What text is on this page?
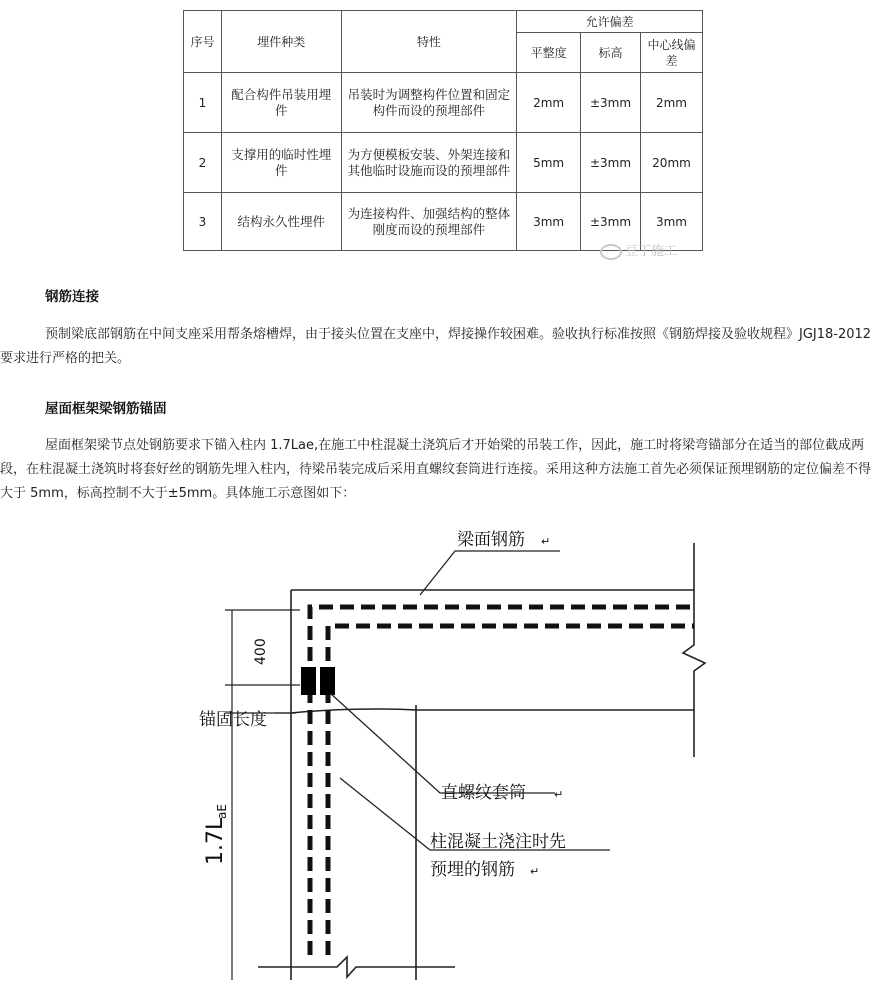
序号	埋件种类	特性	允许偏差		
			平整度	标高	中心线偏差
1	配合构件吊装用埋件	吊装时为调整构件位置和固定构件而设的预埋部件	2mm	±3mm	2mm
2	支撑用的临时性埋件	为方便模板安装、外架连接和其他临时设施而设的预埋部件	5mm	±3mm	20mm
3	结构永久性埋件	为连接构件、加强结构的整体刚度而设的预埋部件	3mm	±3mm	3mm
豆丁施工
钢筋连接

预制梁底部钢筋在中间支座采用帮条熔槽焊，由于接头位置在支座中，焊接操作较困难。验收执行标准按照《钢筋焊接及验收规程》JGJ18-2012 要求进行严格的把关。

屋面框架梁钢筋锚固

屋面框架梁节点处钢筋要求下锚入柱内 1.7Lae,在施工中柱混凝土浇筑后才开始梁的吊装工作，因此，施工时将梁弯锚部分在适当的部位截成两段，在柱混凝土浇筑时将套好丝的钢筋先埋入柱内，待梁吊装完成后采用直螺纹套筒进行连接。采用这种方法施工首先必须保证预埋钢筋的定位偏差不得大于 5mm，标高控制不大于±5mm。具体施工示意图如下：

梁面钢筋 ↵
400
锚固长度
直螺纹套筒	↵
柱混凝土浇注时先
预埋的钢筋 ↵
1.7L
aE
